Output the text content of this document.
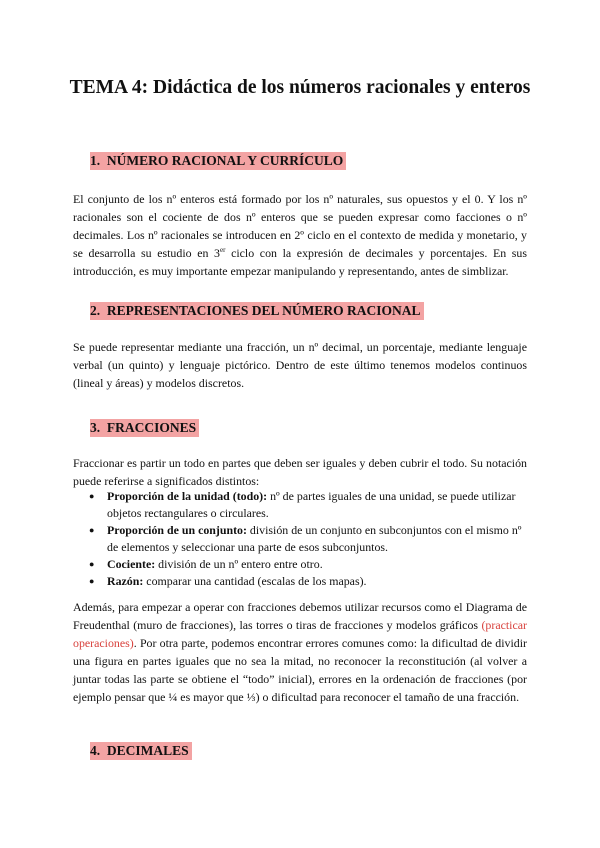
TEMA 4: Didáctica de los números racionales y enteros
1. NÚMERO RACIONAL Y CURRÍCULO
El conjunto de los nº enteros está formado por los nº naturales, sus opuestos y el 0. Y los nº racionales son el cociente de dos nº enteros que se pueden expresar como facciones o nº decimales. Los nº racionales se introducen en 2º ciclo en el contexto de medida y monetario, y se desarrolla su estudio en 3er ciclo con la expresión de decimales y porcentajes. En sus introducción, es muy importante empezar manipulando y representando, antes de simblizar.
2. REPRESENTACIONES DEL NÚMERO RACIONAL
Se puede representar mediante una fracción, un nº decimal, un porcentaje, mediante lenguaje verbal (un quinto) y lenguaje pictórico. Dentro de este último tenemos modelos continuos (lineal y áreas) y modelos discretos.
3. FRACCIONES
Fraccionar es partir un todo en partes que deben ser iguales y deben cubrir el todo. Su notación puede referirse a significados distintos:
● Proporción de la unidad (todo): nº de partes iguales de una unidad, se puede utilizar objetos rectangulares o circulares.
● Proporción de un conjunto: división de un conjunto en subconjuntos con el mismo nº de elementos y seleccionar una parte de esos subconjuntos.
● Cociente: división de un nº entero entre otro.
● Razón: comparar una cantidad (escalas de los mapas).
Además, para empezar a operar con fracciones debemos utilizar recursos como el Diagrama de Freudenthal (muro de fracciones), las torres o tiras de fracciones y modelos gráficos (practicar operaciones). Por otra parte, podemos encontrar errores comunes como: la dificultad de dividir una figura en partes iguales que no sea la mitad, no reconocer la reconstitución (al volver a juntar todas las parte se obtiene el “todo” inicial), errores en la ordenación de fracciones (por ejemplo pensar que ¼ es mayor que ⅓) o dificultad para reconocer el tamaño de una fracción.
4. DECIMALES
